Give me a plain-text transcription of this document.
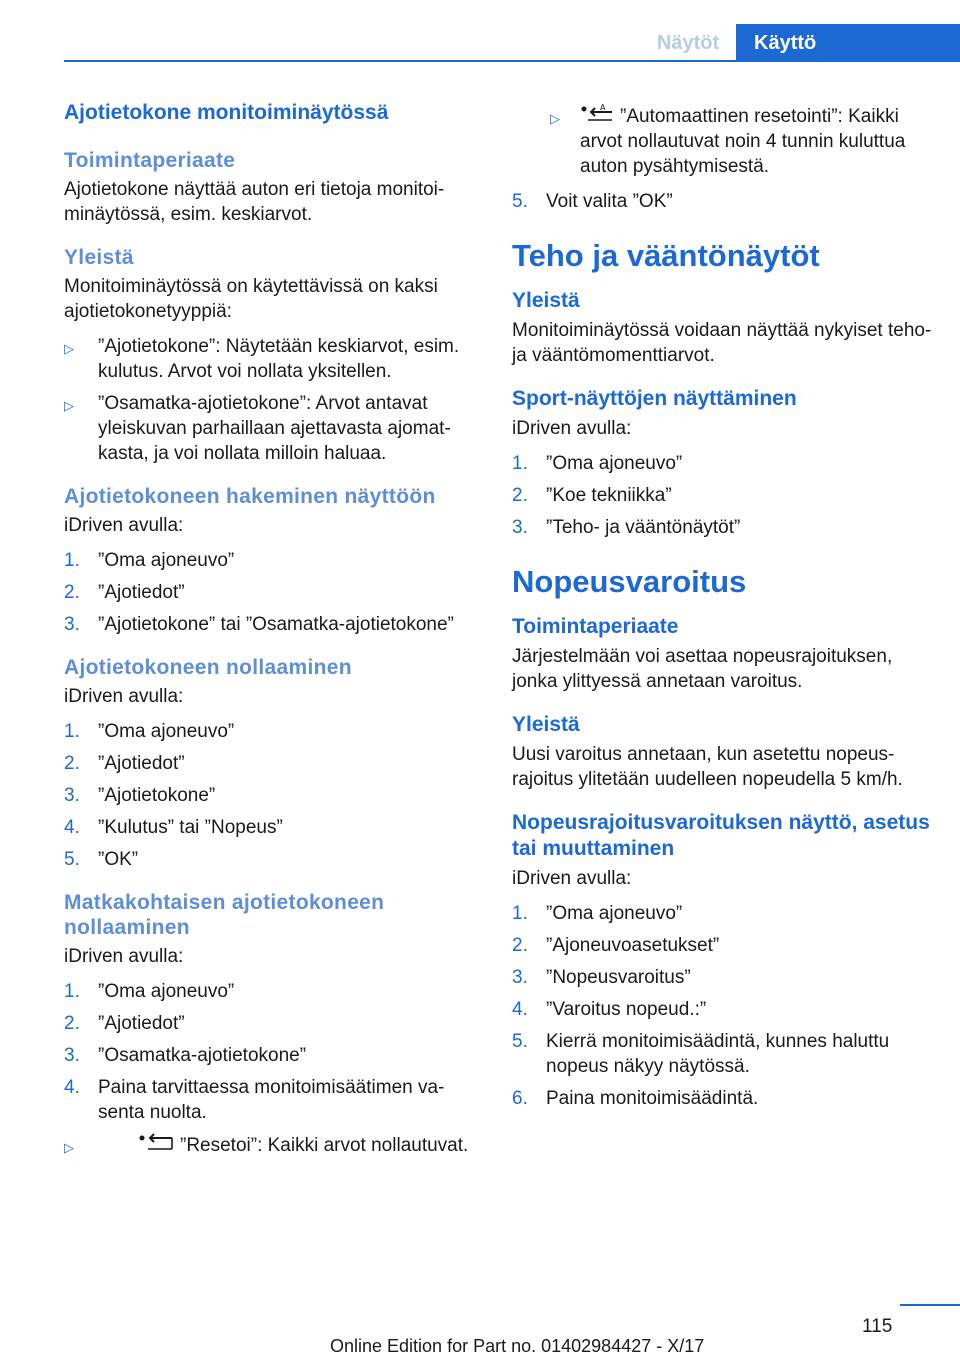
Näytöt	Käyttö
Ajotietokone monitoiminäytössä
Toimintaperiaate

Ajotietokone näyttää auton eri tietoja monitoiminäytössä, esim. keskiarvot.

Yleistä

Monitoiminäytössä on käytettävissä on kaksi ajotietokonetyyppiä:

▷	”Ajotietokone”: Näytetään keskiarvot, esim. kulutus. Arvot voi nollata yksitellen.
▷	”Osamatka-ajotietokone”: Arvot antavat yleiskuvan parhaillaan ajettavasta ajomatkasta, ja voi nollata milloin haluaa.
Ajotietokoneen hakeminen näyttöön

iDriven avulla:

1. ”Oma ajoneuvo”
2. ”Ajotiedot”
3. ”Ajotietokone” tai ”Osamatka-ajotietokone”
Ajotietokoneen nollaaminen

iDriven avulla:

1. ”Oma ajoneuvo”
2. ”Ajotiedot”
3. ”Ajotietokone”
4. ”Kulutus” tai ”Nopeus”
5. ”OK”
Matkakohtaisen ajotietokoneen nollaaminen

iDriven avulla:

1. ”Oma ajoneuvo”
2. ”Ajotiedot”
3. ”Osamatka-ajotietokone”
4. Paina tarvittaessa monitoimisäätimen vasenta nuolta.
▷	”Resetoi”: Kaikki arvot nollautuvat.
▷
A ”Automaattinen resetointi”: Kaikki arvot nollautuvat noin 4 tunnin kuluttua auton pysähtymisestä.
5. Voit valita ”OK”
Teho ja vääntönäytöt
Yleistä

Monitoiminäytössä voidaan näyttää nykyiset teho- ja vääntömomenttiarvot.

Sport-näyttöjen näyttäminen

iDriven avulla:

1. ”Oma ajoneuvo”
2. ”Koe tekniikka”
3. ”Teho- ja vääntönäytöt”
Nopeusvaroitus
Toimintaperiaate

Järjestelmään voi asettaa nopeusrajoituksen, jonka ylittyessä annetaan varoitus.

Yleistä

Uusi varoitus annetaan, kun asetettu nopeusrajoitus ylitetään uudelleen nopeudella 5 km/h.

Nopeusrajoitusvaroituksen näyttö, asetus tai muuttaminen

iDriven avulla:

1. ”Oma ajoneuvo”
2. ”Ajoneuvoasetukset”
3. ”Nopeusvaroitus”
4. ”Varoitus nopeud.:”
5. Kierrä monitoimisäädintä, kunnes haluttu nopeus näkyy näytössä.
6. Paina monitoimisäädintä.
115
Online Edition for Part no. 01402984427 - X/17
